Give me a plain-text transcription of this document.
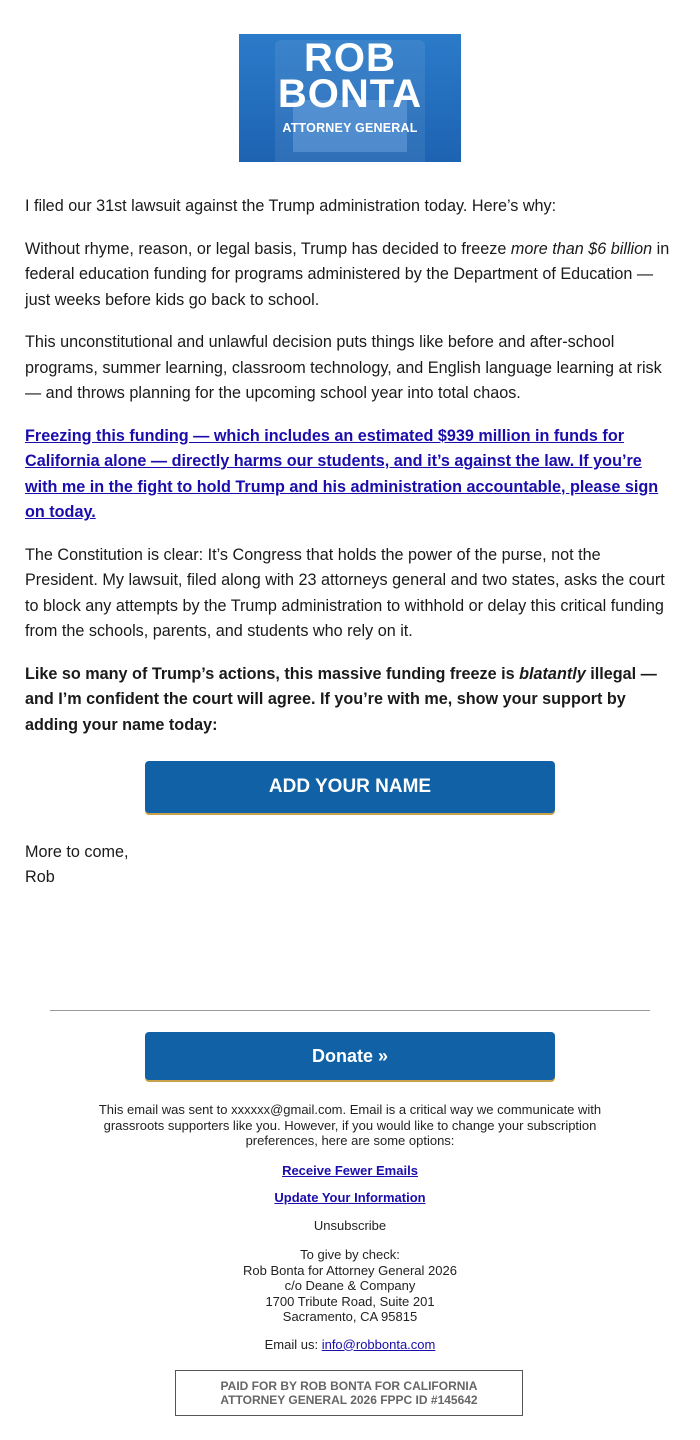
ROB
BONTA
ATTORNEY GENERAL

I filed our 31st lawsuit against the Trump administration today. Here’s why:

Without rhyme, reason, or legal basis, Trump has decided to freeze more than $6 billion in federal education funding for programs administered by the Department of Education — just weeks before kids go back to school.

This unconstitutional and unlawful decision puts things like before and after-school programs, summer learning, classroom technology, and English language learning at risk — and throws planning for the upcoming school year into total chaos.

Freezing this funding — which includes an estimated $939 million in funds for California alone — directly harms our students, and it’s against the law. If you’re with me in the fight to hold Trump and his administration accountable, please sign on today.

The Constitution is clear: It’s Congress that holds the power of the purse, not the President. My lawsuit, filed along with 23 attorneys general and two states, asks the court to block any attempts by the Trump administration to withhold or delay this critical funding from the schools, parents, and students who rely on it.

Like so many of Trump’s actions, this massive funding freeze is blatantly illegal — and I’m confident the court will agree. If you’re with me, show your support by adding your name today:

ADD YOUR NAME
More to come,
Rob
Donate »

This email was sent to xxxxxx@gmail.com. Email is a critical way we communicate with grassroots supporters like you. However, if you would like to change your subscription preferences, here are some options:

Receive Fewer Emails
Update Your Information
Unsubscribe
To give by check:
Rob Bonta for Attorney General 2026
c/o Deane & Company
1700 Tribute Road, Suite 201
Sacramento, CA 95815
Email us: info@robbonta.com
PAID FOR BY ROB BONTA FOR CALIFORNIA
ATTORNEY GENERAL 2026 FPPC ID #145642
